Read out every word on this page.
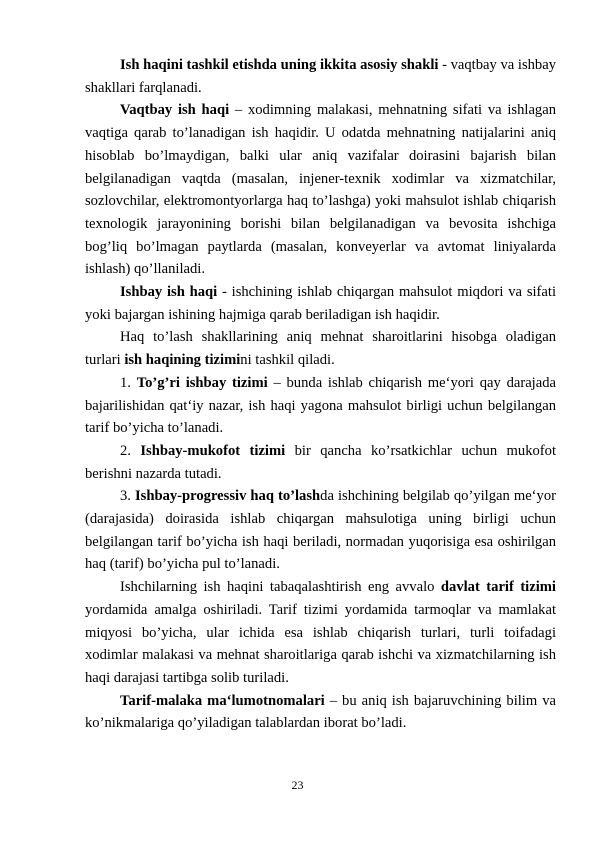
Ish haqini tashkil etishda uning ikkita asosiy shakli - vaqtbay va ishbay shakllari farqlanadi.

Vaqtbay ish haqi – xodimning malakasi, mehnatning sifati va ishlagan vaqtiga qarab to’lanadigan ish haqidir. U odatda mehnatning natijalarini aniq hisoblab bo’lmaydigan, balki ular aniq vazifalar doirasini bajarish bilan belgilanadigan vaqtda (masalan, injener-texnik xodimlar va xizmatchilar, sozlovchilar, elektromontyorlarga haq to’lashga) yoki mahsulot ishlab chiqarish texnologik jarayonining borishi bilan belgilanadigan va bevosita ishchiga bog’liq bo’lmagan paytlarda (masalan, konveyerlar va avtomat liniyalarda ishlash) qo’llaniladi.

Ishbay ish haqi - ishchining ishlab chiqargan mahsulot miqdori va sifati yoki bajargan ishining hajmiga qarab beriladigan ish haqidir.

Haq to’lash shakllarining aniq mehnat sharoitlarini hisobga oladigan turlari ish haqining tizimini tashkil qiladi.

1. To’g’ri ishbay tizimi – bunda ishlab chiqarish me‘yori qay darajada bajarilishidan qat‘iy nazar, ish haqi yagona mahsulot birligi uchun belgilangan tarif bo’yicha to’lanadi.

2. Ishbay-mukofot tizimi bir qancha ko’rsatkichlar uchun mukofot berishni nazarda tutadi.

3. Ishbay-progressiv haq to’lashda ishchining belgilab qo’yilgan me‘yor (darajasida) doirasida ishlab chiqargan mahsulotiga uning birligi uchun belgilangan tarif bo’yicha ish haqi beriladi, normadan yuqorisiga esa oshirilgan haq (tarif) bo’yicha pul to’lanadi.

Ishchilarning ish haqini tabaqalashtirish eng avvalo davlat tarif tizimi yordamida amalga oshiriladi. Tarif tizimi yordamida tarmoqlar va mamlakat miqyosi bo’yicha, ular ichida esa ishlab chiqarish turlari, turli toifadagi xodimlar malakasi va mehnat sharoitlariga qarab ishchi va xizmatchilarning ish haqi darajasi tartibga solib turiladi.

Tarif-malaka ma‘lumotnomalari – bu aniq ish bajaruvchining bilim va ko’nikmalariga qo’yiladigan talablardan iborat bo’ladi.

23
